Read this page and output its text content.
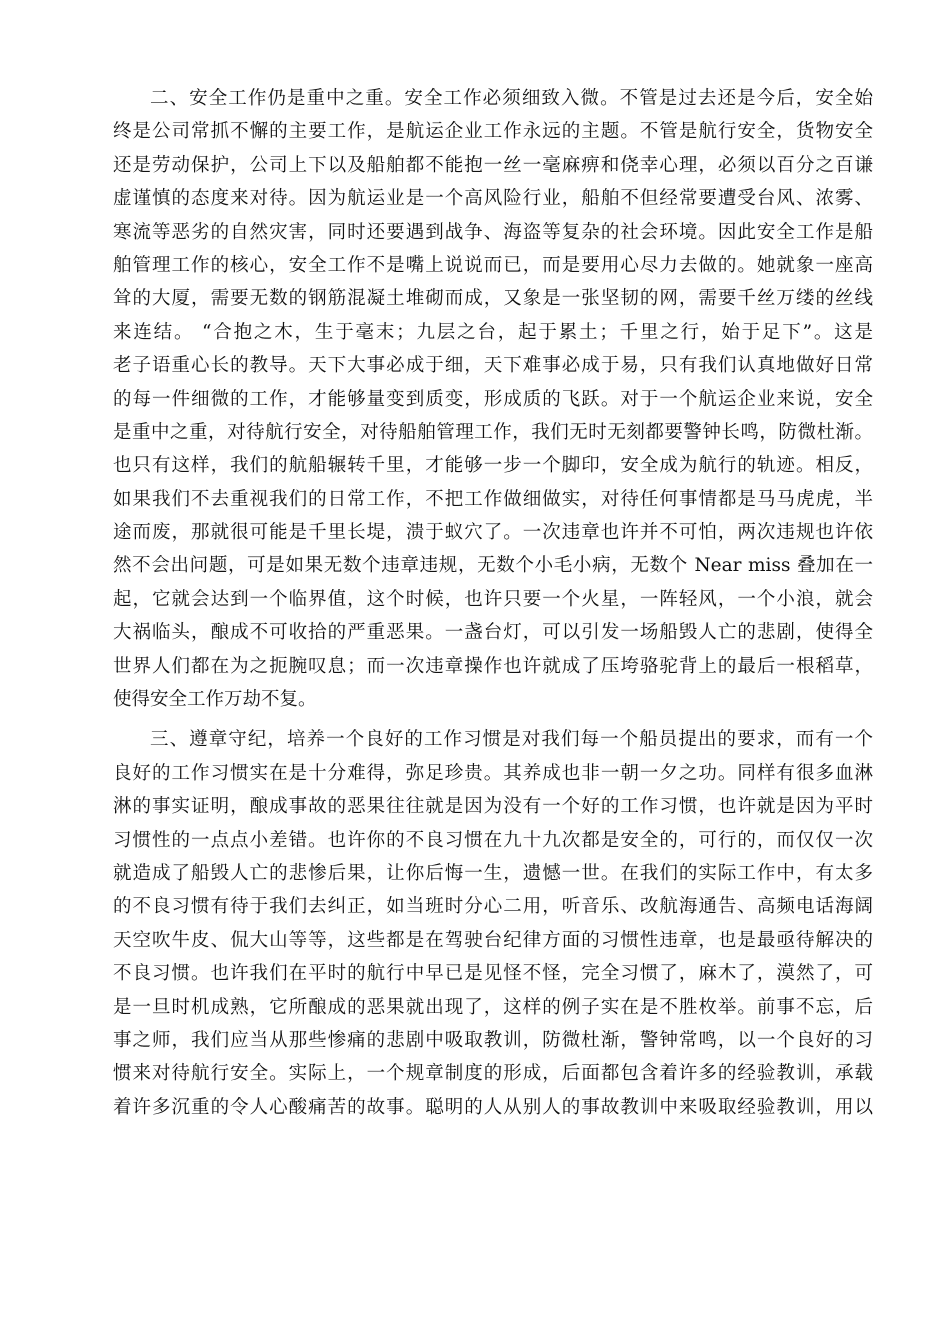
二、安全工作仍是重中之重。安全工作必须细致入微。不管是过去还是今后，安全始
终是公司常抓不懈的主要工作，是航运企业工作永远的主题。不管是航行安全，货物安全
还是劳动保护，公司上下以及船舶都不能抱一丝一毫麻痹和侥幸心理，必须以百分之百谦
虚谨慎的态度来对待。因为航运业是一个高风险行业，船舶不但经常要遭受台风、浓雾、
寒流等恶劣的自然灾害，同时还要遇到战争、海盗等复杂的社会环境。因此安全工作是船
舶管理工作的核心，安全工作不是嘴上说说而已，而是要用心尽力去做的。她就象一座高
耸的大厦，需要无数的钢筋混凝土堆砌而成，又象是一张坚韧的网，需要千丝万缕的丝线
来连结。 “合抱之木，生于毫末；九层之台，起于累土；千里之行，始于足下”。这是
老子语重心长的教导。天下大事必成于细，天下难事必成于易，只有我们认真地做好日常
的每一件细微的工作，才能够量变到质变，形成质的飞跃。对于一个航运企业来说，安全
是重中之重，对待航行安全，对待船舶管理工作，我们无时无刻都要警钟长鸣，防微杜渐。
也只有这样，我们的航船辗转千里，才能够一步一个脚印，安全成为航行的轨迹。相反，
如果我们不去重视我们的日常工作，不把工作做细做实，对待任何事情都是马马虎虎，半
途而废，那就很可能是千里长堤，溃于蚁穴了。一次违章也许并不可怕，两次违规也许依
然不会出问题，可是如果无数个违章违规，无数个小毛小病，无数个 Near miss 叠加在一
起，它就会达到一个临界值，这个时候，也许只要一个火星，一阵轻风，一个小浪，就会
大祸临头，酿成不可收拾的严重恶果。一盏台灯，可以引发一场船毁人亡的悲剧，使得全
世界人们都在为之扼腕叹息；而一次违章操作也许就成了压垮骆驼背上的最后一根稻草，
使得安全工作万劫不复。
三、遵章守纪，培养一个良好的工作习惯是对我们每一个船员提出的要求，而有一个
良好的工作习惯实在是十分难得，弥足珍贵。其养成也非一朝一夕之功。同样有很多血淋
淋的事实证明，酿成事故的恶果往往就是因为没有一个好的工作习惯，也许就是因为平时
习惯性的一点点小差错。也许你的不良习惯在九十九次都是安全的，可行的，而仅仅一次
就造成了船毁人亡的悲惨后果，让你后悔一生，遗憾一世。在我们的实际工作中，有太多
的不良习惯有待于我们去纠正，如当班时分心二用，听音乐、改航海通告、高频电话海阔
天空吹牛皮、侃大山等等，这些都是在驾驶台纪律方面的习惯性违章，也是最亟待解决的
不良习惯。也许我们在平时的航行中早已是见怪不怪，完全习惯了，麻木了，漠然了，可
是一旦时机成熟，它所酿成的恶果就出现了，这样的例子实在是不胜枚举。前事不忘，后
事之师，我们应当从那些惨痛的悲剧中吸取教训，防微杜渐，警钟常鸣，以一个良好的习
惯来对待航行安全。实际上，一个规章制度的形成，后面都包含着许多的经验教训，承载
着许多沉重的令人心酸痛苦的故事。聪明的人从别人的事故教训中来吸取经验教训，用以
